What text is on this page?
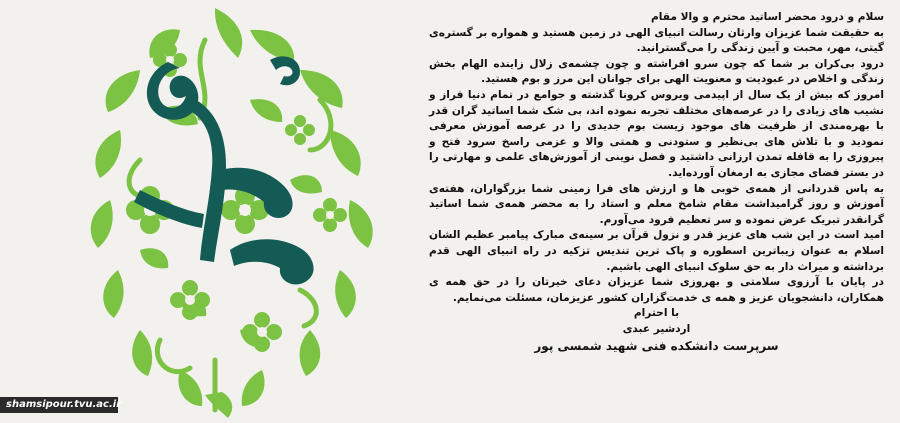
سلام و درود محضر اساتید محترم و والا مقام

به حقیقت شما عزیزان وارثان رسالت انبیای الهی در زمین هستید و همواره بر گستره‌ی گیتی، مهر، محبت و آیین زندگی را می‌گسترانید.

درود بی‌کران بر شما که چون سرو افراشته و چون چشمه‌ی زلال زاینده الهام بخش زندگی و اخلاص در عبودیت و معنویت الهی برای جوانان این مرز و بوم هستید.

امروز که بیش از یک سال از اپیدمی ویروس کرونا گذشته و جوامع در تمام دنیا فراز و نشیب های زیادی را در عرصه‌های مختلف تجربه نموده اند، بی شک شما اساتید گران قدر با بهره‌مندی از ظرفیت های موجود زیست بوم جدیدی را در عرصه آموزش معرفی نمودید و با تلاش های بی‌نظیر و ستودنی و همتی والا و عزمی راسخ سرود فتح و پیروزی را به قافله تمدن ارزانی داشتید و فصل نوینی از آموزش‌های علمی و مهارتی را در بستر فضای مجازی به ارمغان آورده‌اید.

به پاس قدردانی از همه‌ی خوبی ها و ارزش های فرا زمینی شما بزرگواران، هفته‌ی آموزش و روز گرامیداشت مقام شامخ معلم و استاد را به محضر همه‌ی شما اساتید گرانقدر تبریک عرض نموده و سر تعظیم فرود می‌آورم.

امید است در این شب های عزیز قدر و نزول قرآن بر سینه‌ی مبارک پیامبر عظیم الشان اسلام به عنوان زیباترین اسطوره و پاک ترین تندیس تزکیه در راه انبیای الهی قدم برداشته و میراث دار به حق سلوک انبیای الهی باشیم.

در پایان با آرزوی سلامتی و بهروزی شما عزیزان دعای خیرتان را در حق همه ی همکاران، دانشجویان عزیز و همه ی خدمت‌گزاران کشور عزیزمان، مسئلت می‌نمایم.

با احترام
اردشیر عبدی
سرپرست دانشکده فنی شهید شمسی پور
shamsipour.tvu.ac.ir
